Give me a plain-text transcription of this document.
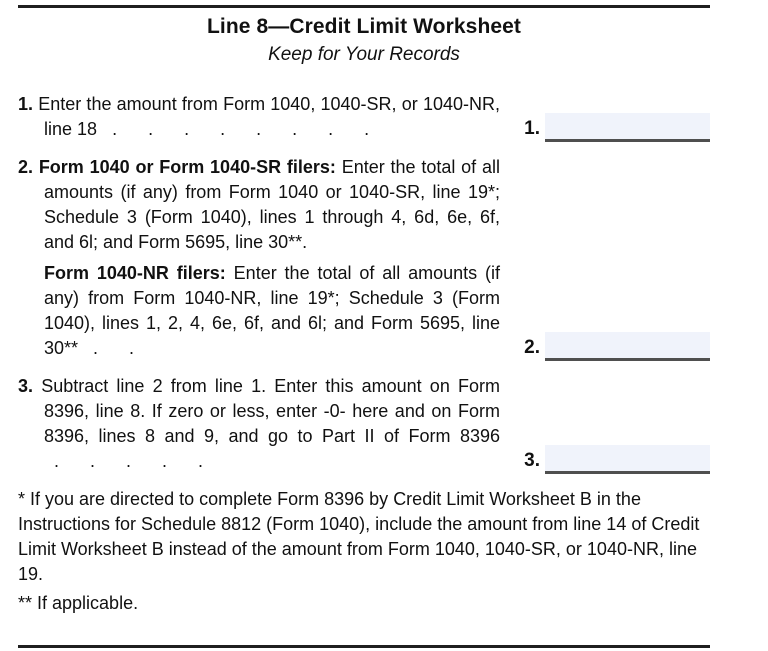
Line 8—Credit Limit Worksheet
Keep for Your Records

1. Enter the amount from Form 1040, 1040-SR, or 1040-NR, line 18 . . . . . . . .	1.

2. Form 1040 or Form 1040-SR filers: Enter the total of all amounts (if any) from Form 1040 or 1040-SR, line 19*; Schedule 3 (Form 1040), lines 1 through 4, 6d, 6e, 6f, and 6l; and Form 5695, line 30**.

Form 1040-NR filers: Enter the total of all amounts (if any) from Form 1040-NR, line 19*; Schedule 3 (Form 1040), lines 1, 2, 4, 6e, 6f, and 6l; and Form 5695, line 30** . .	2.

3. Subtract line 2 from line 1. Enter this amount on Form 8396, line 8. If zero or less, enter -0- here and on Form 8396, lines 8 and 9, and go to Part II of Form 8396 . . . . .	3.

* If you are directed to complete Form 8396 by Credit Limit Worksheet B in the Instructions for Schedule 8812 (Form 1040), include the amount from line 14 of Credit Limit Worksheet B instead of the amount from Form 1040, 1040-SR, or 1040-NR, line 19.

** If applicable.
